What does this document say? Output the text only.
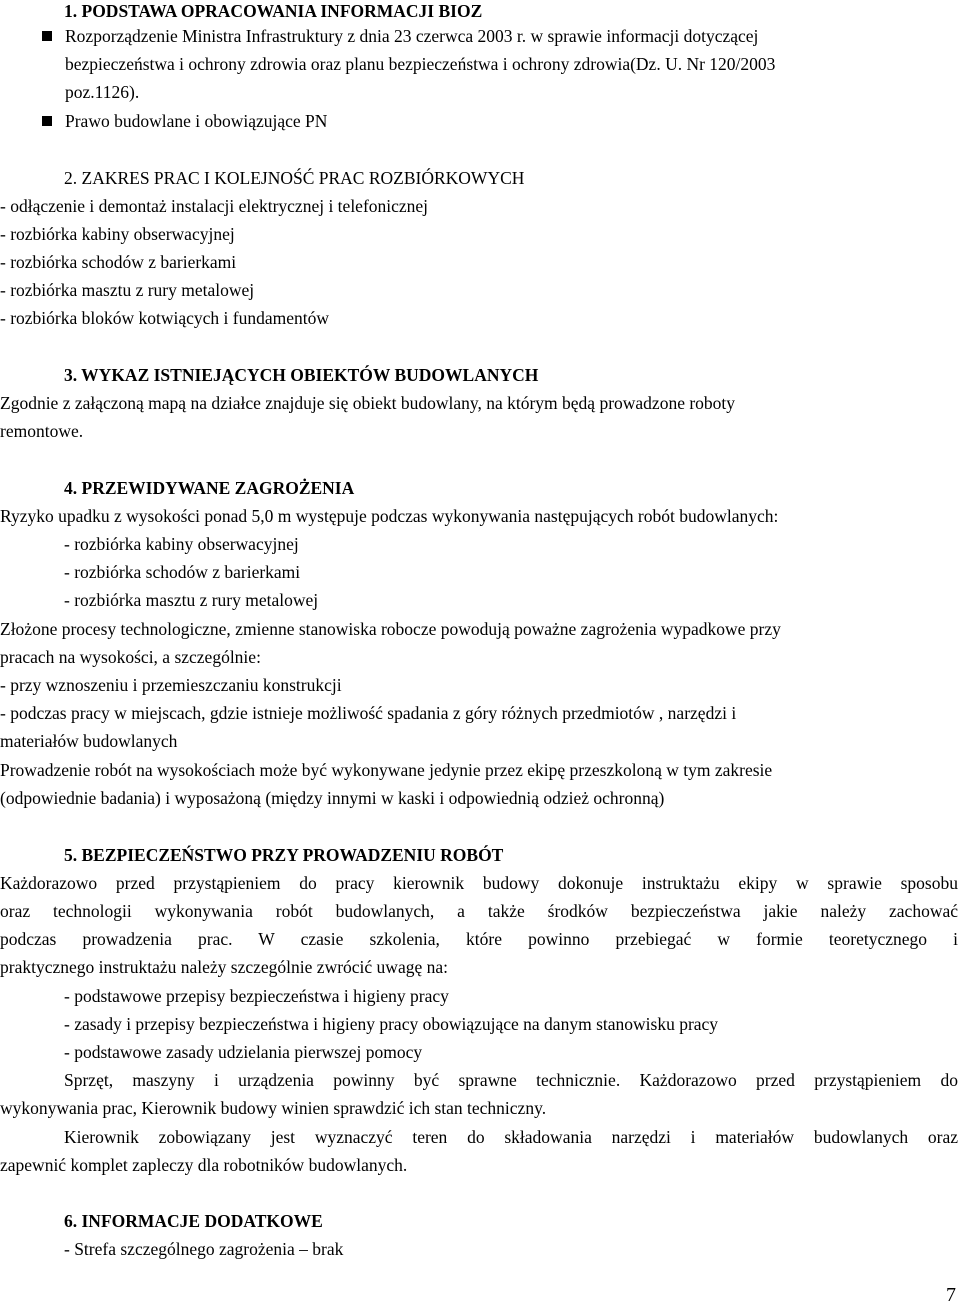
1. PODSTAWA OPRACOWANIA INFORMACJI BIOZ

Rozporządzenie Ministra Infrastruktury z dnia 23 czerwca 2003 r. w sprawie informacji dotyczącej

bezpieczeństwa i ochrony zdrowia oraz planu bezpieczeństwa i ochrony zdrowia(Dz. U. Nr 120/2003

poz.1126).

Prawo budowlane i obowiązujące PN

2. ZAKRES PRAC I KOLEJNOŚĆ PRAC ROZBIÓRKOWYCH

- odłączenie i demontaż instalacji elektrycznej i telefonicznej

- rozbiórka kabiny obserwacyjnej

- rozbiórka schodów z barierkami

- rozbiórka masztu z rury metalowej

- rozbiórka bloków kotwiących i fundamentów

3. WYKAZ ISTNIEJĄCYCH OBIEKTÓW BUDOWLANYCH

Zgodnie z załączoną mapą na działce znajduje się obiekt budowlany, na którym będą prowadzone roboty

remontowe.

4. PRZEWIDYWANE ZAGROŻENIA

Ryzyko upadku z wysokości ponad 5,0 m występuje podczas wykonywania następujących robót budowlanych:

- rozbiórka kabiny obserwacyjnej

- rozbiórka schodów z barierkami

- rozbiórka masztu z rury metalowej

Złożone procesy technologiczne, zmienne stanowiska robocze powodują poważne zagrożenia wypadkowe przy

pracach na wysokości, a szczególnie:

- przy wznoszeniu i przemieszczaniu konstrukcji

- podczas pracy w miejscach, gdzie istnieje możliwość spadania z góry różnych przedmiotów , narzędzi i

materiałów budowlanych

Prowadzenie robót na wysokościach może być wykonywane jedynie przez ekipę przeszkoloną w tym zakresie

(odpowiednie badania) i wyposażoną (między innymi w kaski i odpowiednią odzież ochronną)

5. BEZPIECZEŃSTWO PRZY PROWADZENIU ROBÓT

Każdorazowo przed przystąpieniem do pracy kierownik budowy dokonuje instruktażu ekipy w sprawie sposobu

oraz technologii wykonywania robót budowlanych, a także środków bezpieczeństwa jakie należy zachować

podczas prowadzenia prac. W czasie szkolenia, które powinno przebiegać w formie teoretycznego i

praktycznego instruktażu należy szczególnie zwrócić uwagę na:

- podstawowe przepisy bezpieczeństwa i higieny pracy

- zasady i przepisy bezpieczeństwa i higieny pracy obowiązujące na danym stanowisku pracy

- podstawowe zasady udzielania pierwszej pomocy

Sprzęt, maszyny i urządzenia powinny być sprawne technicznie. Każdorazowo przed przystąpieniem do

wykonywania prac, Kierownik budowy winien sprawdzić ich stan techniczny.

Kierownik zobowiązany jest wyznaczyć teren do składowania narzędzi i materiałów budowlanych oraz

zapewnić komplet zapleczy dla robotników budowlanych.

6. INFORMACJE DODATKOWE

- Strefa szczególnego zagrożenia – brak

7
